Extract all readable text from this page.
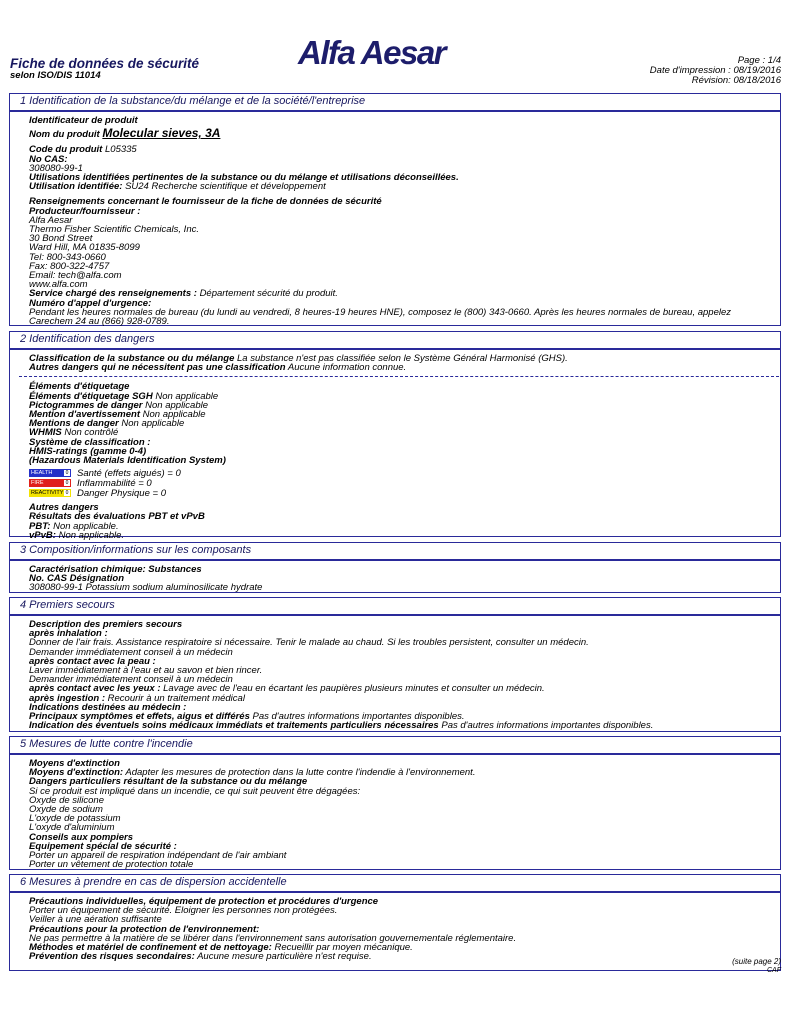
Fiche de données de sécurité
selon ISO/DIS 11014
Alfa Aesar	Page : 1/4
Date d'impression : 08/19/2016
Révision: 08/18/2016
1 Identification de la substance/du mélange et de la société/l'entreprise
Identificateur de produit
Nom du produit Molecular sieves, 3A
Code du produit L05335
No CAS:
308080-99-1
Utilisations identifiées pertinentes de la substance ou du mélange et utilisations déconseillées.
Utilisation identifiée: SU24 Recherche scientifique et développement
Renseignements concernant le fournisseur de la fiche de données de sécurité
Producteur/fournisseur :
Alfa Aesar
Thermo Fisher Scientific Chemicals, Inc.
30 Bond Street
Ward Hill, MA 01835-8099
Tel: 800-343-0660
Fax: 800-322-4757
Email: tech@alfa.com
www.alfa.com
Service chargé des renseignements : Département sécurité du produit.
Numéro d'appel d'urgence:
Pendant les heures normales de bureau (du lundi au vendredi, 8 heures-19 heures HNE), composez le (800) 343-0660. Après les heures normales de bureau, appelez Carechem 24 au (866) 928-0789.
2 Identification des dangers
Classification de la substance ou du mélange La substance n'est pas classifiée selon le Système Général Harmonisé (GHS).
Autres dangers qui ne nécessitent pas une classification Aucune information connue.
Éléments d'étiquetage
Éléments d'étiquetage SGH Non applicable
Pictogrammes de danger Non applicable
Mention d'avertissement Non applicable
Mentions de danger Non applicable
WHMIS Non contrôlé
Système de classification :
HMIS-ratings (gamme 0-4)
(Hazardous Materials Identification System)
HEALTH	0 Santé (effets aigués) = 0
FIRE	0 Inflammabilité = 0
REACTIVITY 0 Danger Physique = 0
Autres dangers
Résultats des évaluations PBT et vPvB
PBT: Non applicable.
vPvB: Non applicable.
3 Composition/informations sur les composants
Caractérisation chimique: Substances
No. CAS Désignation
308080-99-1 Potassium sodium aluminosilicate hydrate
4 Premiers secours
Description des premiers secours
après inhalation :
Donner de l'air frais. Assistance respiratoire si nécessaire. Tenir le malade au chaud. Si les troubles persistent, consulter un médecin.
Demander immédiatement conseil à un médecin
après contact avec la peau :
Laver immédiatement à l'eau et au savon et bien rincer.
Demander immédiatement conseil à un médecin
après contact avec les yeux : Lavage avec de l'eau en écartant les paupières plusieurs minutes et consulter un médecin.
après ingestion : Recourir à un traitement médical
Indications destinées au médecin :
Principaux symptômes et effets, aigus et différés Pas d'autres informations importantes disponibles.
Indication des éventuels soins médicaux immédiats et traitements particuliers nécessaires Pas d'autres informations importantes disponibles.
5 Mesures de lutte contre l'incendie
Moyens d'extinction
Moyens d'extinction: Adapter les mesures de protection dans la lutte contre l'indendie à l'environnement.
Dangers particuliers résultant de la substance ou du mélange
Si ce produit est impliqué dans un incendie, ce qui suit peuvent être dégagées:
Oxyde de silicone
Oxyde de sodium
L'oxyde de potassium
L'oxyde d'aluminium
Conseils aux pompiers
Equipement spécial de sécurité :
Porter un appareil de respiration indépendant de l'air ambiant
Porter un vêtement de protection totale
6 Mesures à prendre en cas de dispersion accidentelle
Précautions individuelles, équipement de protection et procédures d'urgence
Porter un équipement de sécurité. Eloigner les personnes non protégées.
Veiller à une aération suffisante
Précautions pour la protection de l'environnement:
Ne pas permettre à la matière de se libérer dans l'environnement sans autorisation gouvernementale réglementaire.
Méthodes et matériel de confinement et de nettoyage: Recueillir par moyen mécanique.
Prévention des risques secondaires: Aucune mesure particulière n'est requise.	(suite page 2)
CAF
